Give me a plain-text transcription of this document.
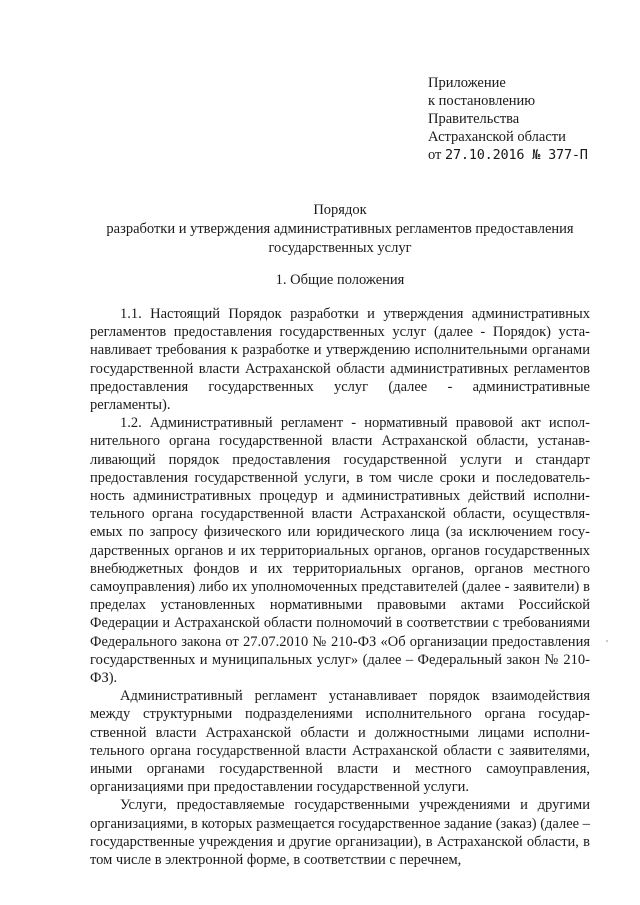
Приложение
к постановлению
Правительства
Астраханской области
от 27.10.2016 № 377-П
Порядок
разработки и утверждения административных регламентов предоставления
государственных услуг
1. Общие положения

1.1. Настоящий Порядок разработки и утверждения административных регламентов предоставления государственных услуг (далее - Порядок) устанавливает требования к разработке и утверждению исполнительными органами государственной власти Астраханской области административных регламентов предоставления государственных услуг (далее - административные регламенты).

1.2. Административный регламент - нормативный правовой акт исполнительного органа государственной власти Астраханской области, устанавливающий порядок предоставления государственной услуги и стандарт предоставления государственной услуги, в том числе сроки и последовательность административных процедур и административных действий исполнительного органа государственной власти Астраханской области, осуществляемых по запросу физического или юридического лица (за исключением государственных органов и их территориальных органов, органов государственных внебюджетных фондов и их территориальных органов, органов местного самоуправления) либо их уполномоченных представителей (далее - заявители) в пределах установленных нормативными правовыми актами Российской Федерации и Астраханской области полномочий в соответствии с требованиями Федерального закона от 27.07.2010 № 210-ФЗ «Об организации предоставления государственных и муниципальных услуг» (далее – Федеральный закон № 210-ФЗ).

Административный регламент устанавливает порядок взаимодействия между структурными подразделениями исполнительного органа государственной власти Астраханской области и должностными лицами исполнительного органа государственной власти Астраханской области с заявителями, иными органами государственной власти и местного самоуправления, организациями при предоставлении государственной услуги.

Услуги, предоставляемые государственными учреждениями и другими организациями, в которых размещается государственное задание (заказ) (далее – государственные учреждения и другие организации), в Астраханской области, в том числе в электронной форме, в соответствии с перечнем,
